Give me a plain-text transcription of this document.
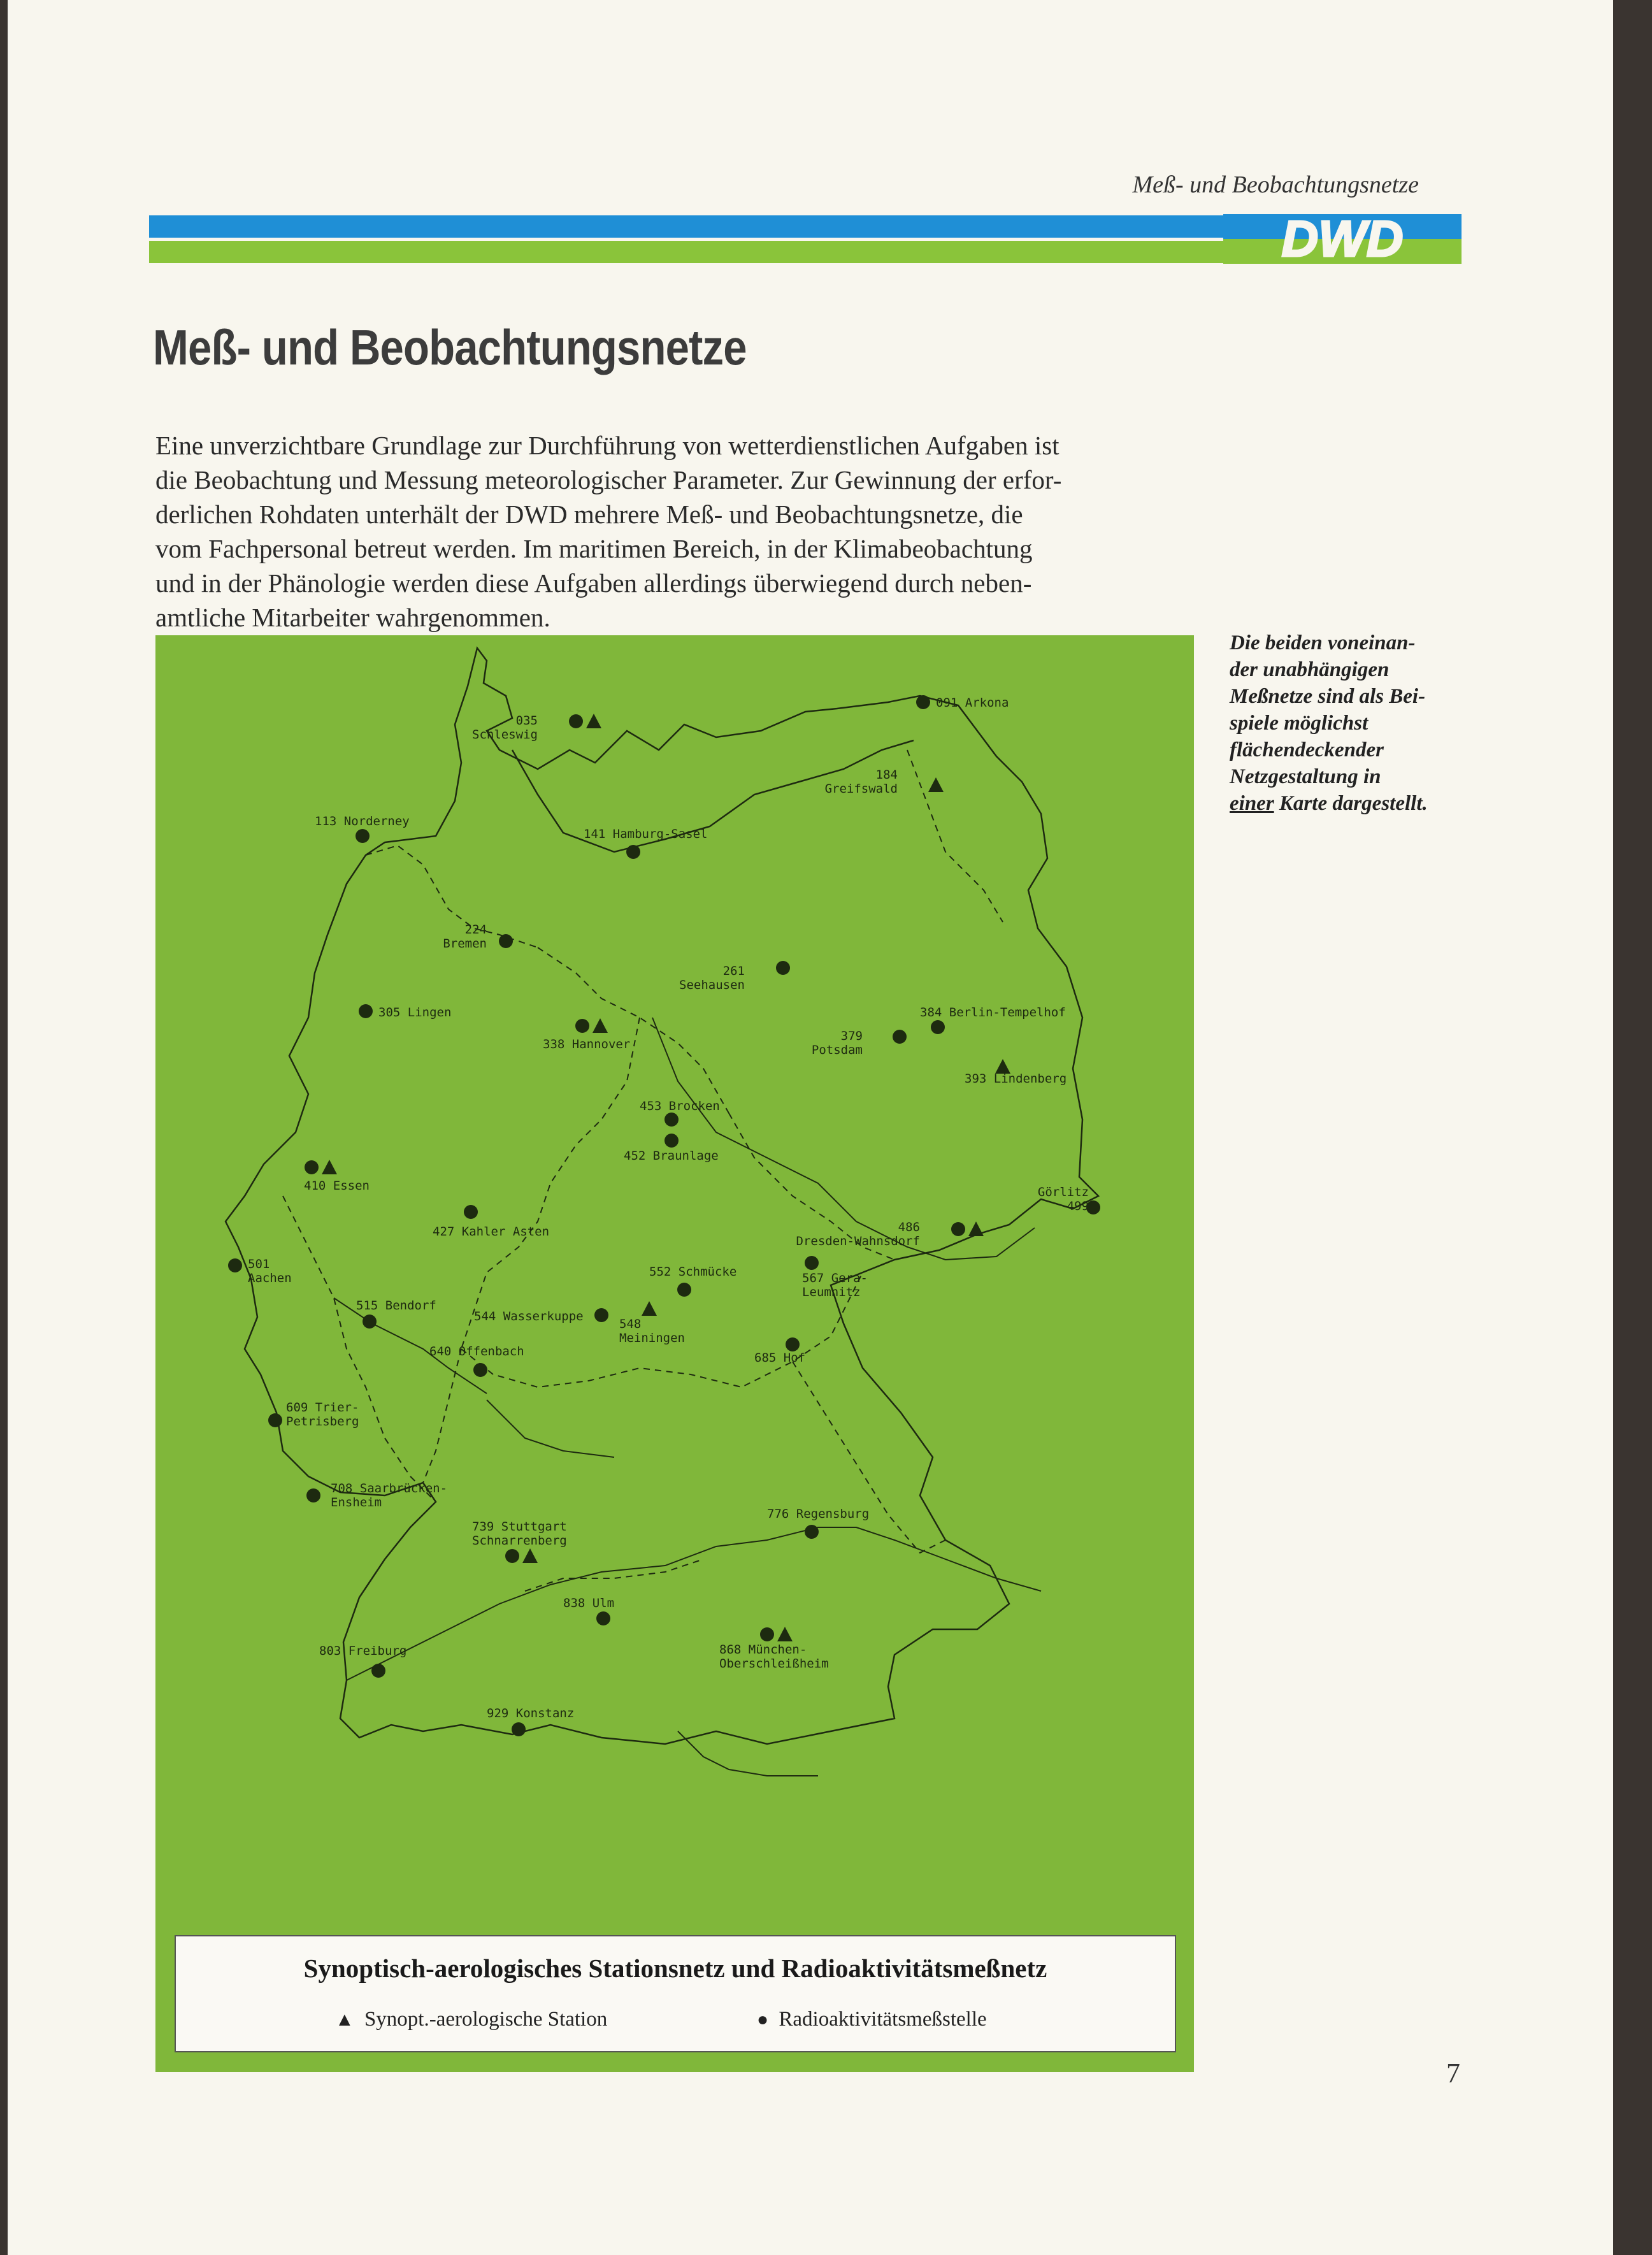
Meß- und Beobachtungsnetze
DWD
Meß- und Beobachtungsnetze

Eine unverzichtbare Grundlage zur Durchführung von wetterdienstlichen Aufgaben ist
die Beobachtung und Messung meteorologischer Parameter. Zur Gewinnung der erfor-
derlichen Rohdaten unterhält der DWD mehrere Meß- und Beobachtungsnetze, die
vom Fachpersonal betreut werden. Im maritimen Bereich, in der Klimabeobachtung
und in der Phänologie werden diese Aufgaben allerdings überwiegend durch neben-
amtliche Mitarbeiter wahrgenommen.

Die beiden voneinan-
der unabhängigen
Meßnetze sind als Bei-
spiele möglichst
flächendeckender
Netzgestaltung in
einer Karte dargestellt.

035
Schleswig
091 Arkona
113 Norderney
141 Hamburg-Sasel
184
Greifswald
224
Bremen
261
Seehausen
305 Lingen
338 Hannover
384 Berlin-Tempelhof
379
Potsdam
393 Lindenberg
453 Brocken
452 Braunlage
410 Essen
427 Kahler Asten
Görlitz
499
486
Dresden-Wahnsdorf
501
Aachen	552 Schmücke	567 Gera-
Leumnitz
515 Bendorf
544 Wasserkuppe
548
Meiningen
640 Offenbach	685 Hof
609 Trier-
Petrisberg
708 Saarbrücken-
Ensheim
739 Stuttgart
Schnarrenberg
776 Regensburg
838 Ulm
868 München-
Oberschleißheim
803 Freiburg
929 Konstanz
Synoptisch-aerologisches Stationsnetz und Radioaktivitätsmeßnetz
▲ Synopt.-aerologische Station	● Radioaktivitätsmeßstelle
7
